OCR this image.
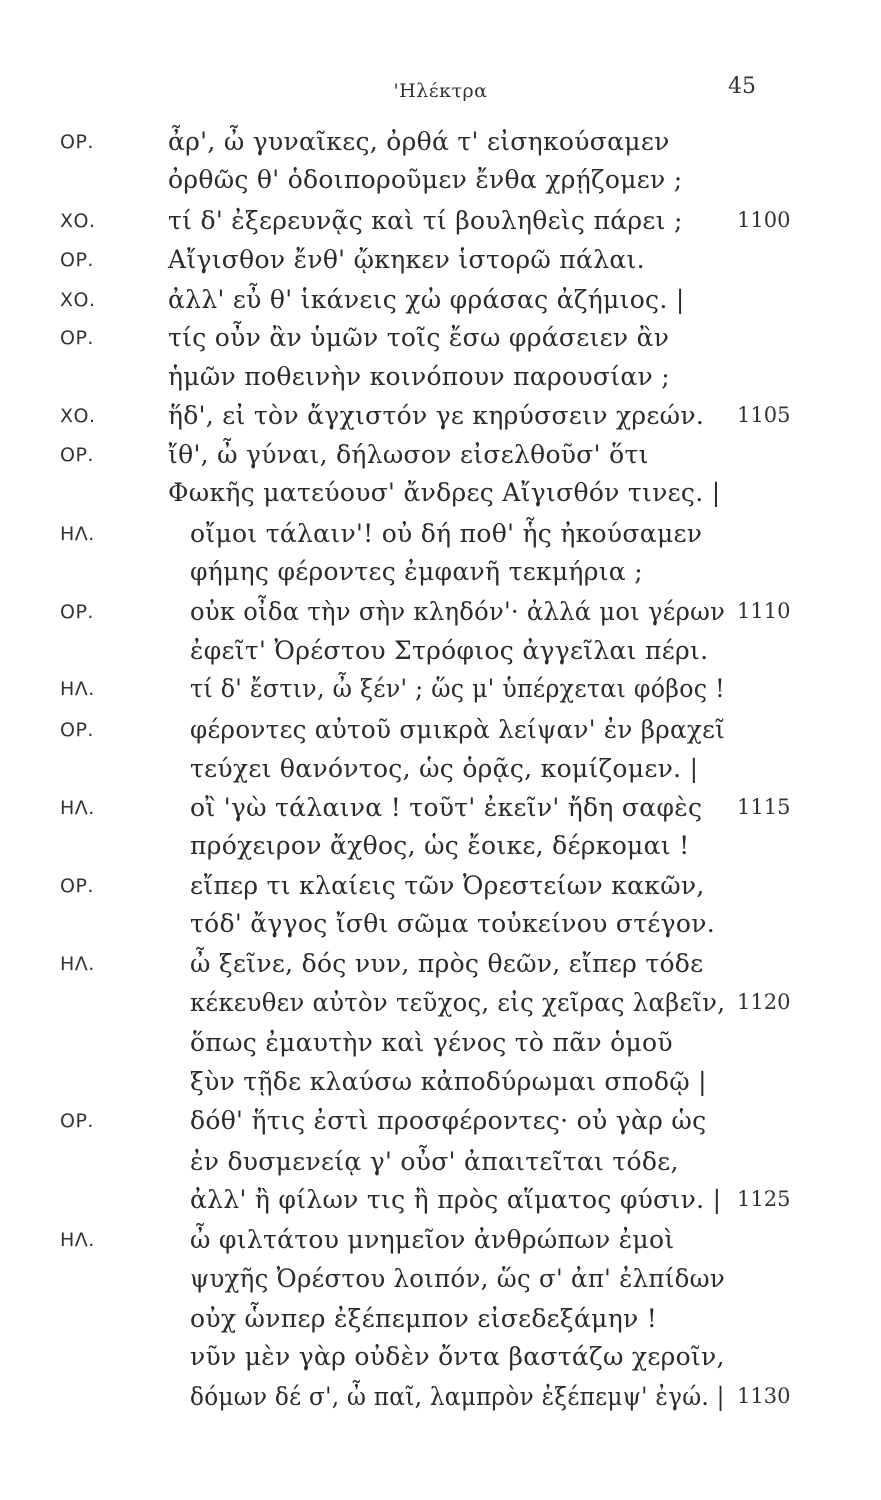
'Ηλέκτρα	45
ΟΡ.	ἆρ', ὦ γυναῖκες, ὀρθά τ' εἰσηκούσαμεν
ὀρθῶς θ' ὁδοιποροῦμεν ἔνθα χρῄζομεν ;
ΧΟ.	τί δ' ἐξερευνᾷς καὶ τί βουληθεὶς πάρει ;	1100
ΟΡ.	Αἴγισθον ἔνθ' ᾤκηκεν ἱστορῶ πάλαι.
ΧΟ.	ἀλλ' εὖ θ' ἱκάνεις χὠ φράσας ἀζήμιος. |
ΟΡ.	τίς οὖν ἂν ὑμῶν τοῖς ἔσω φράσειεν ἂν
ἡμῶν ποθεινὴν κοινόπουν παρουσίαν ;
ΧΟ.	ἥδ', εἰ τὸν ἄγχιστόν γε κηρύσσειν χρεών. 1105
ΟΡ.	ἴθ', ὦ γύναι, δήλωσον εἰσελθοῦσ' ὅτι
Φωκῆς ματεύουσ' ἄνδρες Αἴγισθόν τινες. |
ΗΛ.	οἴμοι τάλαιν'! οὐ δή ποθ' ἧς ἠκούσαμεν
φήμης φέροντες ἐμφανῆ τεκμήρια ;
ΟΡ.	οὐκ οἶδα τὴν σὴν κληδόν'· ἀλλά μοι γέρων 1110
ἐφεῖτ' Ὀρέστου Στρόφιος ἀγγεῖλαι πέρι.
ΗΛ.	τί δ' ἔστιν, ὦ ξέν' ; ὥς μ' ὑπέρχεται φόβος !
ΟΡ.	φέροντες αὐτοῦ σμικρὰ λείψαν' ἐν βραχεῖ
τεύχει θανόντος, ὡς ὁρᾷς, κομίζομεν. |
ΗΛ.	οἲ 'γὼ τάλαινα ! τοῦτ' ἐκεῖν' ἤδη σαφὲς 1115
πρόχειρον ἄχθος, ὡς ἔοικε, δέρκομαι !
ΟΡ.	εἴπερ τι κλαίεις τῶν Ὀρεστείων κακῶν,
τόδ' ἄγγος ἴσθι σῶμα τοὐκείνου στέγον.
ΗΛ.	ὦ ξεῖνε, δός νυν, πρὸς θεῶν, εἴπερ τόδε
κέκευθεν αὐτὸν τεῦχος, εἰς χεῖρας λαβεῖν, 1120
ὅπως ἐμαυτὴν καὶ γένος τὸ πᾶν ὁμοῦ
ξὺν τῇδε κλαύσω κἀποδύρωμαι σποδῷ |
ΟΡ.	δόθ' ἥτις ἐστὶ προσφέροντες· οὐ γὰρ ὡς
ἐν δυσμενείᾳ γ' οὖσ' ἀπαιτεῖται τόδε,
ἀλλ' ἢ φίλων τις ἢ πρὸς αἵματος φύσιν. | 1125
ΗΛ.	ὦ φιλτάτου μνημεῖον ἀνθρώπων ἐμοὶ
ψυχῆς Ὀρέστου λοιπόν, ὥς σ' ἀπ' ἐλπίδων
οὐχ ὧνπερ ἐξέπεμπον εἰσεδεξάμην !
νῦν μὲν γὰρ οὐδὲν ὄντα βαστάζω χεροῖν,
δόμων δέ σ', ὦ παῖ, λαμπρὸν ἐξέπεμψ' ἐγώ. | 1130
